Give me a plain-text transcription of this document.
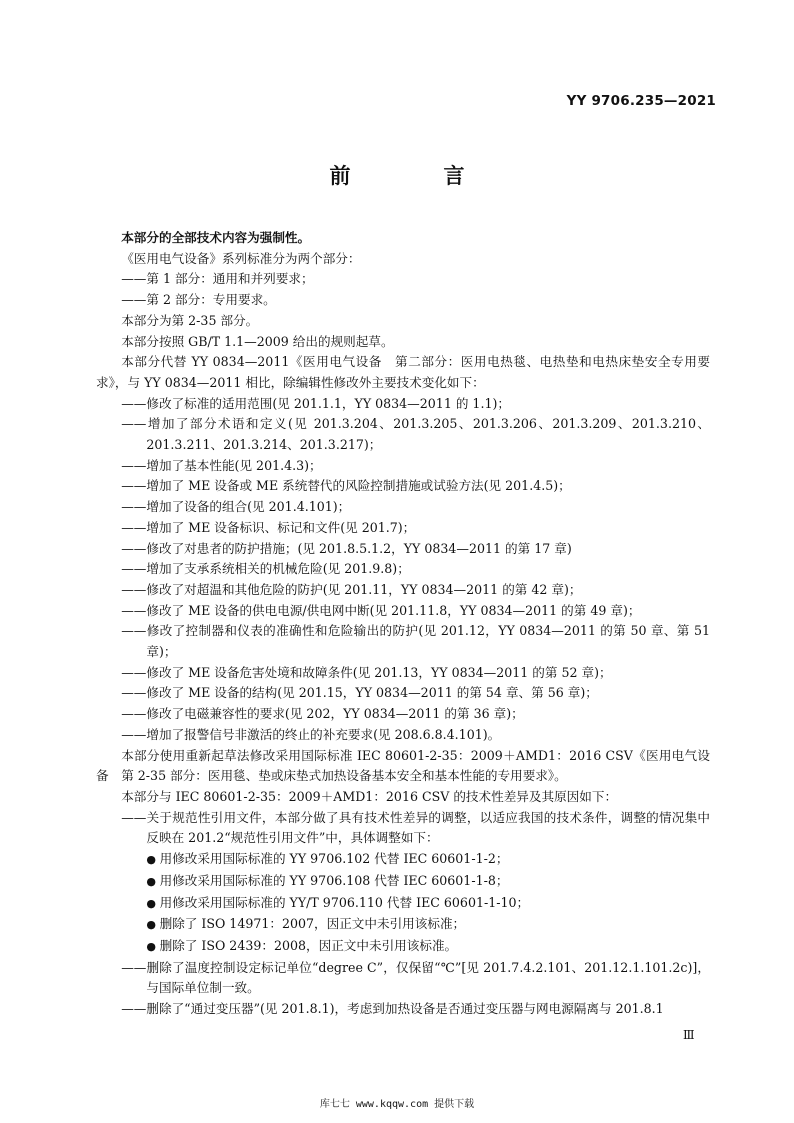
YY 9706.235—2021
前　言

本部分的全部技术内容为强制性。

《医用电气设备》系列标准分为两个部分：

——第 1 部分：通用和并列要求；

——第 2 部分：专用要求。

本部分为第 2-35 部分。

本部分按照 GB/T 1.1—2009 给出的规则起草。

本部分代替 YY 0834—2011《医用电气设备　第二部分：医用电热毯、电热垫和电热床垫安全专用要求》，与 YY 0834—2011 相比，除编辑性修改外主要技术变化如下：

——修改了标准的适用范围(见 201.1.1，YY 0834—2011 的 1.1)；

——增加了部分术语和定义(见 201.3.204、201.3.205、201.3.206、201.3.209、201.3.210、201.3.211、201.3.214、201.3.217)；

——增加了基本性能(见 201.4.3)；

——增加了 ME 设备或 ME 系统替代的风险控制措施或试验方法(见 201.4.5)；

——增加了设备的组合(见 201.4.101)；

——增加了 ME 设备标识、标记和文件(见 201.7)；

——修改了对患者的防护措施；(见 201.8.5.1.2，YY 0834—2011 的第 17 章)

——增加了支承系统相关的机械危险(见 201.9.8)；

——修改了对超温和其他危险的防护(见 201.11，YY 0834—2011 的第 42 章)；

——修改了 ME 设备的供电电源/供电网中断(见 201.11.8，YY 0834—2011 的第 49 章)；

——修改了控制器和仪表的准确性和危险输出的防护(见 201.12，YY 0834—2011 的第 50 章、第 51 章)；

——修改了 ME 设备危害处境和故障条件(见 201.13，YY 0834—2011 的第 52 章)；

——修改了 ME 设备的结构(见 201.15，YY 0834—2011 的第 54 章、第 56 章)；

——修改了电磁兼容性的要求(见 202，YY 0834—2011 的第 36 章)；

——增加了报警信号非激活的终止的补充要求(见 208.6.8.4.101)。

本部分使用重新起草法修改采用国际标准 IEC 80601-2-35：2009＋AMD1：2016 CSV《医用电气设备　第 2-35 部分：医用毯、垫或床垫式加热设备基本安全和基本性能的专用要求》。

本部分与 IEC 80601-2-35：2009＋AMD1：2016 CSV 的技术性差异及其原因如下：

——关于规范性引用文件，本部分做了具有技术性差异的调整，以适应我国的技术条件，调整的情况集中反映在 201.2“规范性引用文件”中，具体调整如下：

● 用修改采用国际标准的 YY 9706.102 代替 IEC 60601-1-2；

● 用修改采用国际标准的 YY 9706.108 代替 IEC 60601-1-8；

● 用修改采用国际标准的 YY/T 9706.110 代替 IEC 60601-1-10；

● 删除了 ISO 14971：2007，因正文中未引用该标准；

● 删除了 ISO 2439：2008，因正文中未引用该标准。

——删除了温度控制设定标记单位“degree C”，仅保留“℃”[见 201.7.4.2.101、201.12.1.101.2c)]，与国际单位制一致。

——删除了“通过变压器”(见 201.8.1)，考虑到加热设备是否通过变压器与网电源隔离与 201.8.1

Ⅲ
库七七 www.kqqw.com 提供下载
